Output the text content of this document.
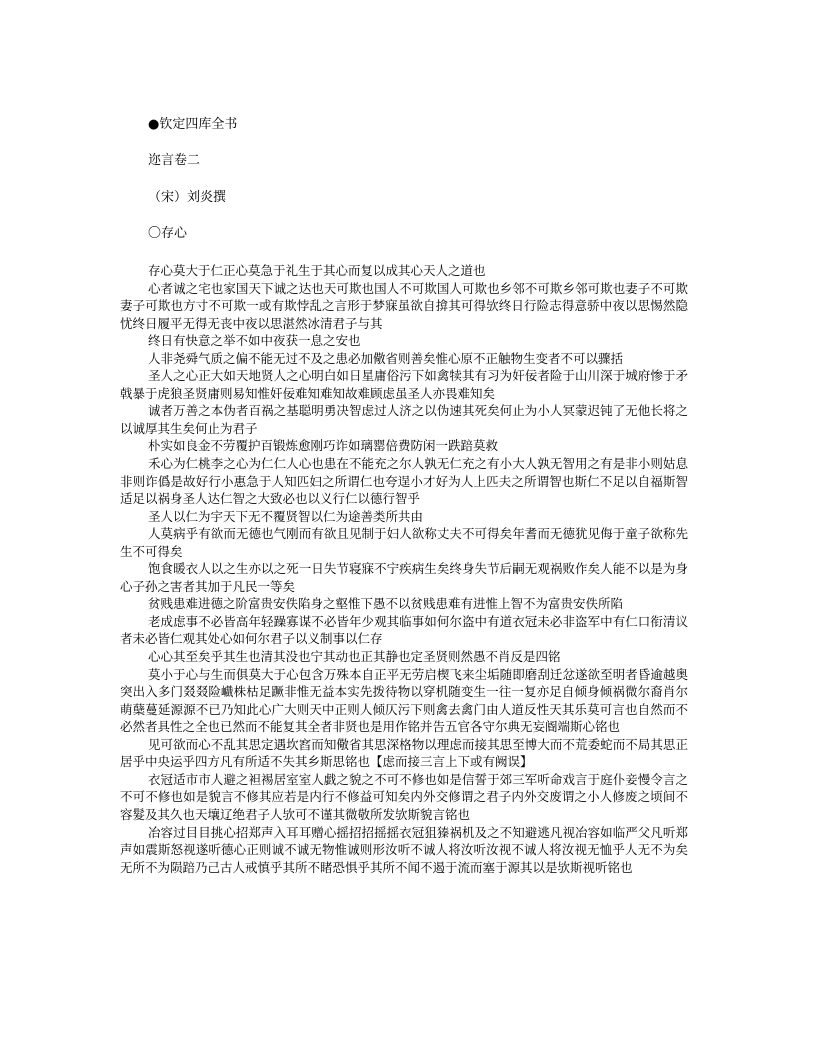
●钦定四库全书
迩言卷二
（宋）刘炎撰
〇存心

存心莫大于仁正心莫急于礼生于其心而复以成其心天人之道也

心者诚之宅也家国天下诚之达也天可欺也国人不可欺国人可欺也乡邻不可欺乡邻可欺也妻子不可欺妻子可欺也方寸不可欺一或有欺悖乱之言形于梦寐虽欲自揜其可得欤终日行险志得意骄中夜以思惕然隐忧终日履平无得无丧中夜以思湛然冰清君子与其

终日有快意之举不如中夜获一息之安也

人非尧舜气质之偏不能无过不及之患必加儆省则善矣惟心原不正触物生变者不可以骤括

圣人之心正大如天地贤人之心明白如日星庸俗污下如禽犊其有习为奸佞者险于山川深于城府惨于矛戟暴于虎狼圣贤庸则易知惟奸佞难知难知故难顾虑虽圣人亦畏难知矣

诚者万善之本伪者百祸之基聪明勇决智虑过人济之以伪速其死矣何止为小人冥蒙迟钝了无他长将之以诚厚其生矣何止为君子

朴实如良金不劳覆护百锻炼愈刚巧诈如璃罂倍费防闲一跌踣莫救

禾心为仁桃李之心为仁仁人心也患在不能充之尔人孰无仁充之有小大人孰无智用之有是非小则姑息非则诈僞是故好行小惠急于人知匹妇之所谓仁也夸逞小才好为人上匹夫之所谓智也斯仁不足以自福斯智适足以祸身圣人达仁智之大致必也以义行仁以德行智乎

圣人以仁为宇天下无不覆贤智以仁为途善类所共由

人莫病乎有欲而无德也气刚而有欲且见制于妇人欲称丈夫不可得矣年耆而无德犹见侮于童子欲称先生不可得矣

饱食暖衣人以之生亦以之死一日失节寝寐不宁疾病生矣终身失节后嗣无观祸败作矣人能不以是为身心子孙之害者其加于凡民一等矣

贫贱患难进德之阶富贵安佚陷身之壑惟下愚不以贫贱患难有进惟上智不为富贵安佚所陷

老成虑事不必皆高年轻躁寡谋不必皆年少观其临事如何尔盗中有道衣冠未必非盗军中有仁口衔清议者未必皆仁观其处心如何尔君子以义制事以仁存

心心其至矣乎其生也清其没也宁其动也正其静也定圣贤则然愚不肖反是四铭

莫小于心与生而俱莫大于心包含万殊本自正平无劳启楔飞来尘垢随即磨刮迁忿遂欲至明者昏逾越奥突出入多门叕叕险巇株枯足蹶非惟无益本实先拨待物以穿机随变生一往一复亦足自倾身倾祸微尔裔肖尔萌蘖蔓延源源不已乃知此心广大则天中正则人倾仄污下则禽去禽门由人道反性天其乐莫可言也自然而不必然者具性之全也已然而不能复其全者非贤也是用作铭并告五官各守尔典无妄阍端斯心铭也

见可欲而心不乱其思定遇坎窞而知儆省其思深格物以理虑而接其思至博大而不荒委蛇而不局其思正居乎中央运乎四方凡有所适不失其乡斯思铭也【虑而接三言上下或有阙误】

衣冠适市市人避之袒裼居室室人戯之貌之不可不修也如是信誓于郊三军听命戏言于庭仆妾慢令言之不可不修也如是貌言不修其应若是内行不修益可知矣内外交修谓之君子内外交废谓之小人修废之顷间不容髮及其久也天壤辽绝君子人欤可不谨其微敬所发欤斯貌言铭也

冶容过目目挑心招郑声入耳耳赠心摇招招摇摇衣冠狙獉祸机及之不知避逃凡视冶容如临严父凡听郑声如震斯怒视遂听德心正则诚不诚无物惟诚则形汝听不诚人将汝听汝视不诚人将汝视无恤乎人无不为矣无所不为陨踣乃己古人戒慎乎其所不睹恐惧乎其所不闻不遏于流而塞于源其以是欤斯视听铭也
